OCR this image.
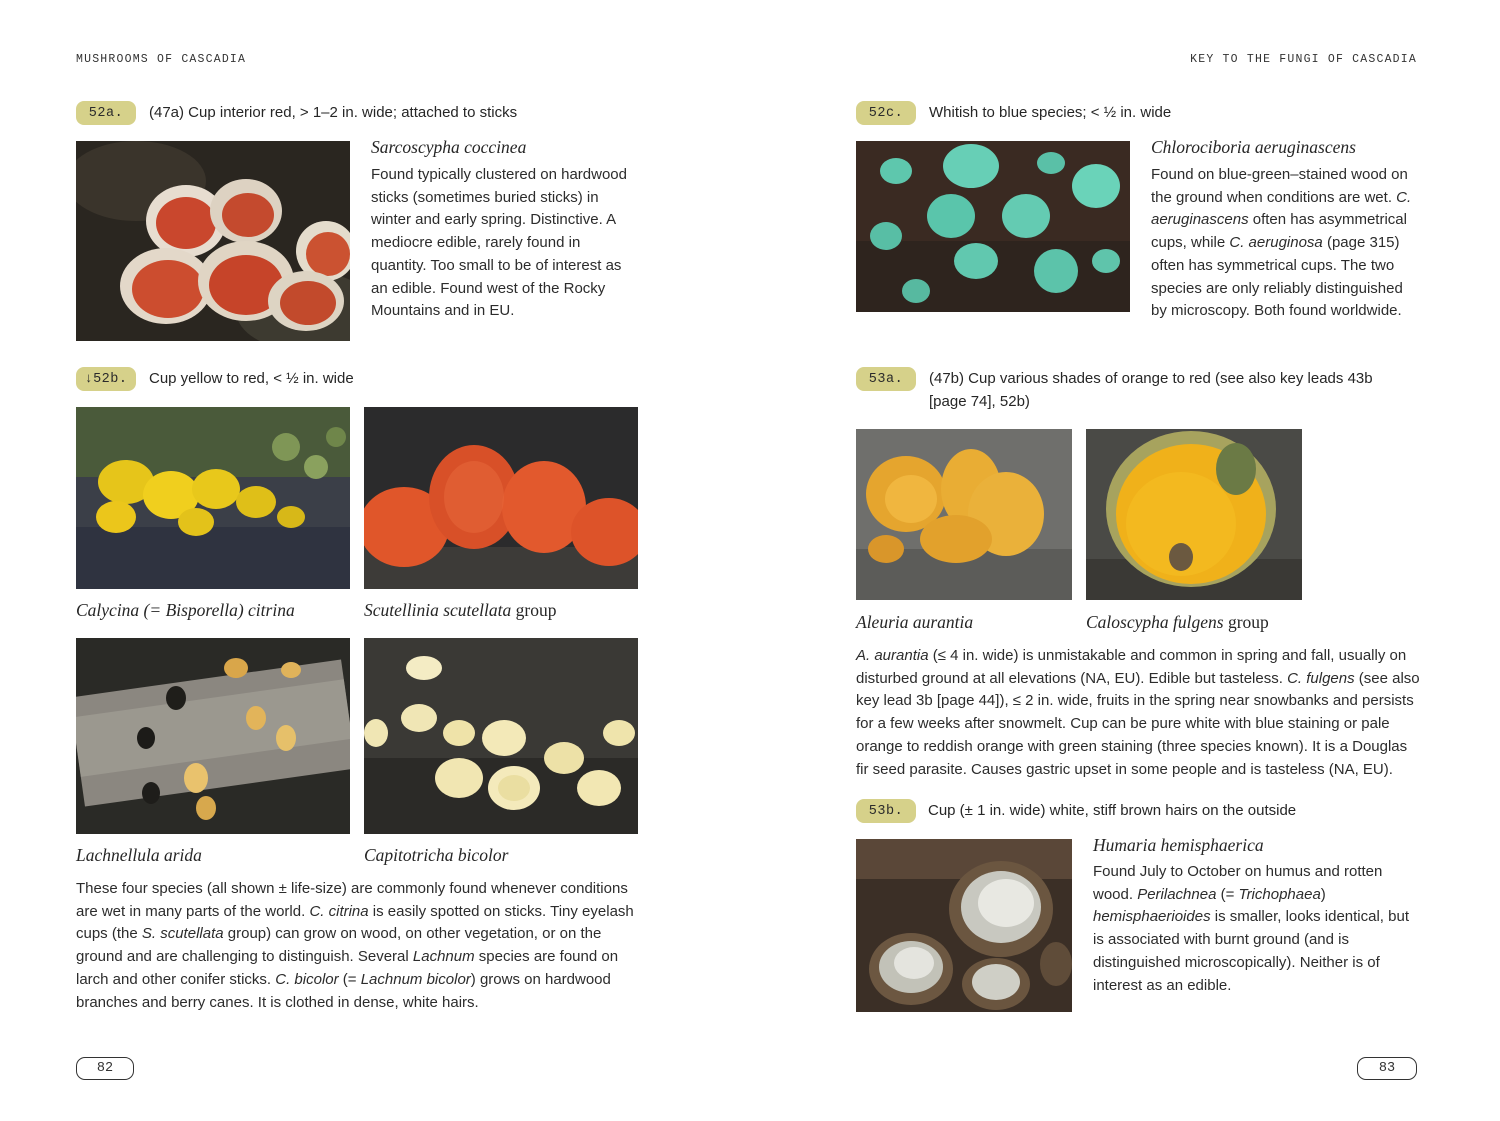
MUSHROOMS OF CASCADIA
52a.	(47a) Cup interior red, > 1–2 in. wide; attached to sticks
Sarcoscypha coccinea
Found typically clustered on hardwood sticks (sometimes buried sticks) in winter and early spring. Distinctive. A mediocre edible, rarely found in quantity. Too small to be of interest as an edible. Found west of the Rocky Mountains and in EU.
↓52b.	Cup yellow to red, < ½ in. wide
Calycina (= Bisporella) citrina	Scutellinia scutellata group
Lachnellula arida	Capitotricha bicolor
These four species (all shown ± life-size) are commonly found whenever conditions are wet in many parts of the world. C. citrina is easily spotted on sticks. Tiny eyelash cups (the S. scutellata group) can grow on wood, on other vegetation, or on the ground and are challenging to distinguish. Several Lachnum species are found on larch and other conifer sticks. C. bicolor (= Lachnum bicolor) grows on hardwood branches and berry canes. It is clothed in dense, white hairs.
82
KEY TO THE FUNGI OF CASCADIA
52c.	Whitish to blue species; < ½ in. wide
Chlorociboria aeruginascens
Found on blue-green–stained wood on the ground when conditions are wet. C. aeruginascens often has asymmetrical cups, while C. aeruginosa (page 315) often has symmetrical cups. The two species are only reliably distinguished by microscopy. Both found worldwide.
53a.	(47b) Cup various shades of orange to red (see also key leads 43b [page 74], 52b)
Aleuria aurantia	Caloscypha fulgens group
A. aurantia (≤ 4 in. wide) is unmistakable and common in spring and fall, usually on disturbed ground at all elevations (NA, EU). Edible but tasteless. C. fulgens (see also key lead 3b [page 44]), ≤ 2 in. wide, fruits in the spring near snowbanks and persists for a few weeks after snowmelt. Cup can be pure white with blue staining or pale orange to reddish orange with green staining (three species known). It is a Douglas fir seed parasite. Causes gastric upset in some people and is tasteless (NA, EU).
53b.	Cup (± 1 in. wide) white, stiff brown hairs on the outside
Humaria hemisphaerica
Found July to October on humus and rotten wood. Perilachnea (= Trichophaea) hemisphaerioides is smaller, looks identical, but is associated with burnt ground (and is distinguished microscopically). Neither is of interest as an edible.
83
